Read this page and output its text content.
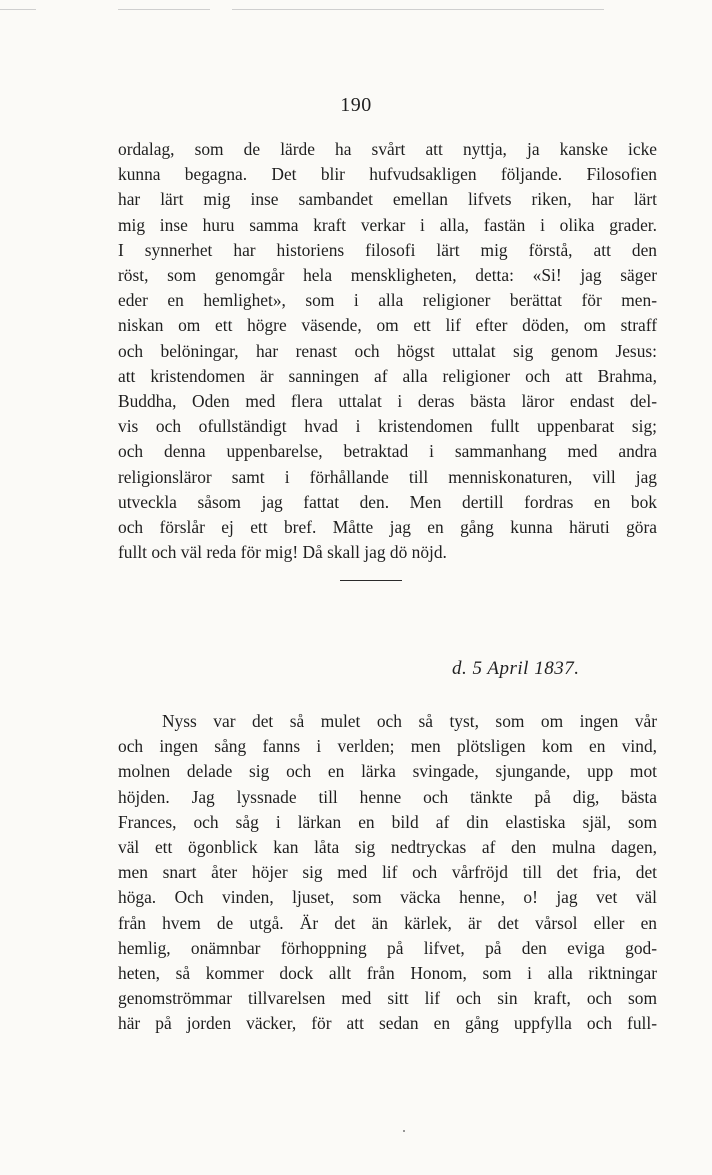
190
ordalag, som de lärde ha svårt att nyttja, ja kanske icke
kunna begagna. Det blir hufvudsakligen följande. Filosofien
har lärt mig inse sambandet emellan lifvets riken, har lärt
mig inse huru samma kraft verkar i alla, fastän i olika grader.
I synnerhet har historiens filosofi lärt mig förstå, att den
röst, som genomgår hela menskligheten, detta: «Si! jag säger
eder en hemlighet», som i alla religioner berättat för men-
niskan om ett högre väsende, om ett lif efter döden, om straff
och belöningar, har renast och högst uttalat sig genom Jesus:
att kristendomen är sanningen af alla religioner och att Brahma,
Buddha, Oden med flera uttalat i deras bästa läror endast del-
vis och ofullständigt hvad i kristendomen fullt uppenbarat sig;
och denna uppenbarelse, betraktad i sammanhang med andra
religionsläror samt i förhållande till menniskonaturen, vill jag
utveckla såsom jag fattat den. Men dertill fordras en bok
och förslår ej ett bref. Måtte jag en gång kunna häruti göra
fullt och väl reda för mig! Då skall jag dö nöjd.
d. 5 April 1837.
Nyss var det så mulet och så tyst, som om ingen vår
och ingen sång fanns i verlden; men plötsligen kom en vind,
molnen delade sig och en lärka svingade, sjungande, upp mot
höjden. Jag lyssnade till henne och tänkte på dig, bästa
Frances, och såg i lärkan en bild af din elastiska själ, som
väl ett ögonblick kan låta sig nedtryckas af den mulna dagen,
men snart åter höjer sig med lif och vårfröjd till det fria, det
höga. Och vinden, ljuset, som väcka henne, o! jag vet väl
från hvem de utgå. Är det än kärlek, är det vårsol eller en
hemlig, onämnbar förhoppning på lifvet, på den eviga god-
heten, så kommer dock allt från Honom, som i alla riktningar
genomströmmar tillvarelsen med sitt lif och sin kraft, och som
här på jorden väcker, för att sedan en gång uppfylla och full-
